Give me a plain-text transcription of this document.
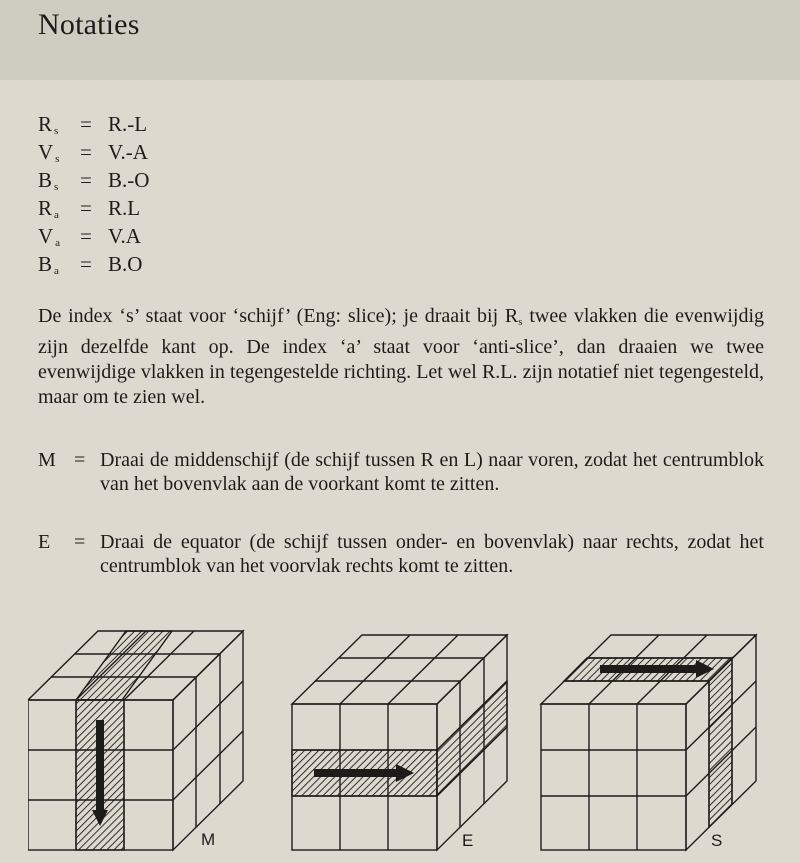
Notaties
R $_s$ = R.-L
V $_s$ = V.-A
B $_s$ = B.-O
R $_a$ = R.L
V $_a$ = V.A
B $_a$ = B.O
De index ‘s’ staat voor ‘schijf’ (Eng: slice); je draait bij $R_s$ twee vlakken die evenwijdig zijn dezelfde kant op. De index ‘a’ staat voor ‘anti-slice’, dan draaien we twee evenwijdige vlakken in tegengestelde richting. Let wel R.L. zijn notatief niet tegengesteld, maar om te zien wel.
M = Draai de middenschijf (de schijf tussen R en L) naar voren, zodat het centrumblok van het bovenvlak aan de voorkant komt te zitten.
E = Draai de equator (de schijf tussen onder- en bovenvlak) naar rechts, zodat het centrumblok van het voorvlak rechts komt te zitten.
M	E	S
